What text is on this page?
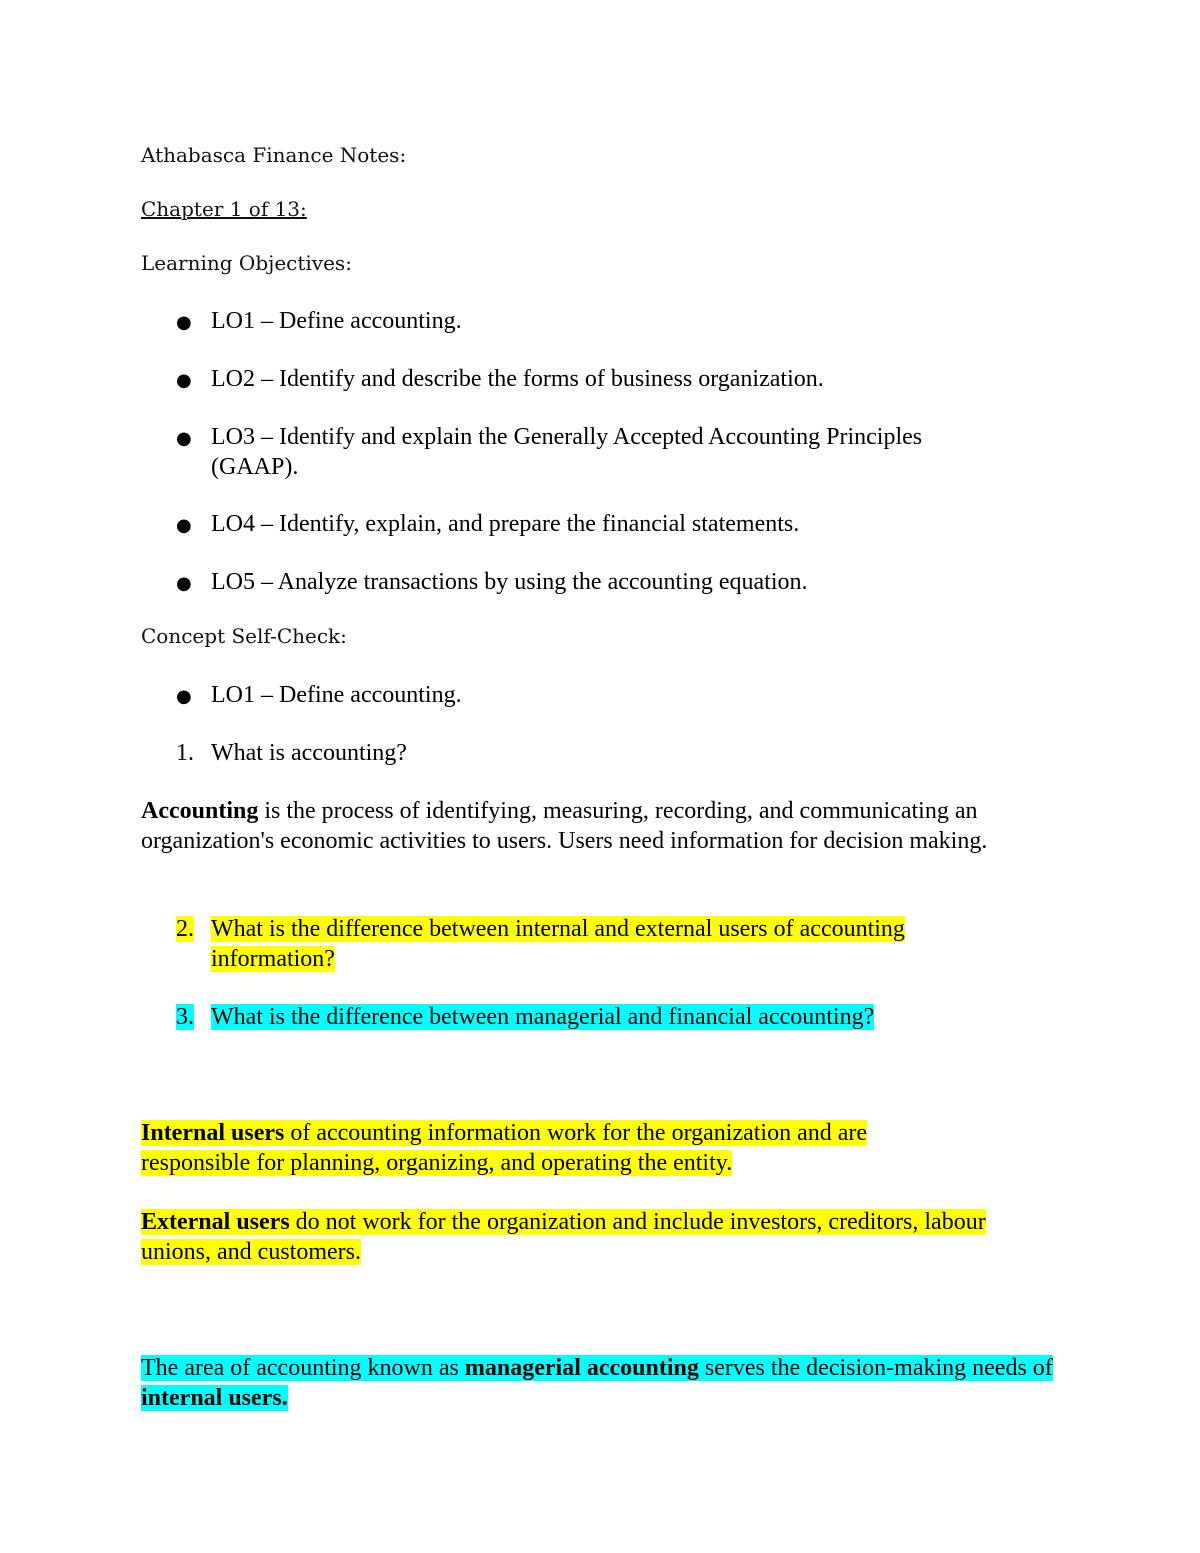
Athabasca Finance Notes:
Chapter 1 of 13:
Learning Objectives:
● LO1 – Define accounting.
● LO2 – Identify and describe the forms of business organization.
● LO3 – Identify and explain the Generally Accepted Accounting Principles (GAAP).
● LO4 – Identify, explain, and prepare the financial statements.
● LO5 – Analyze transactions by using the accounting equation.
Concept Self-Check:
● LO1 – Define accounting.
1. What is accounting?
Accounting is the process of identifying, measuring, recording, and communicating an organization's economic activities to users. Users need information for decision making.
2. What is the difference between internal and external users of accounting information?
3. What is the difference between managerial and financial accounting?
Internal users of accounting information work for the organization and are responsible for planning, organizing, and operating the entity.
External users do not work for the organization and include investors, creditors, labour unions, and customers.
The area of accounting known as managerial accounting serves the decision-making needs of internal users.
